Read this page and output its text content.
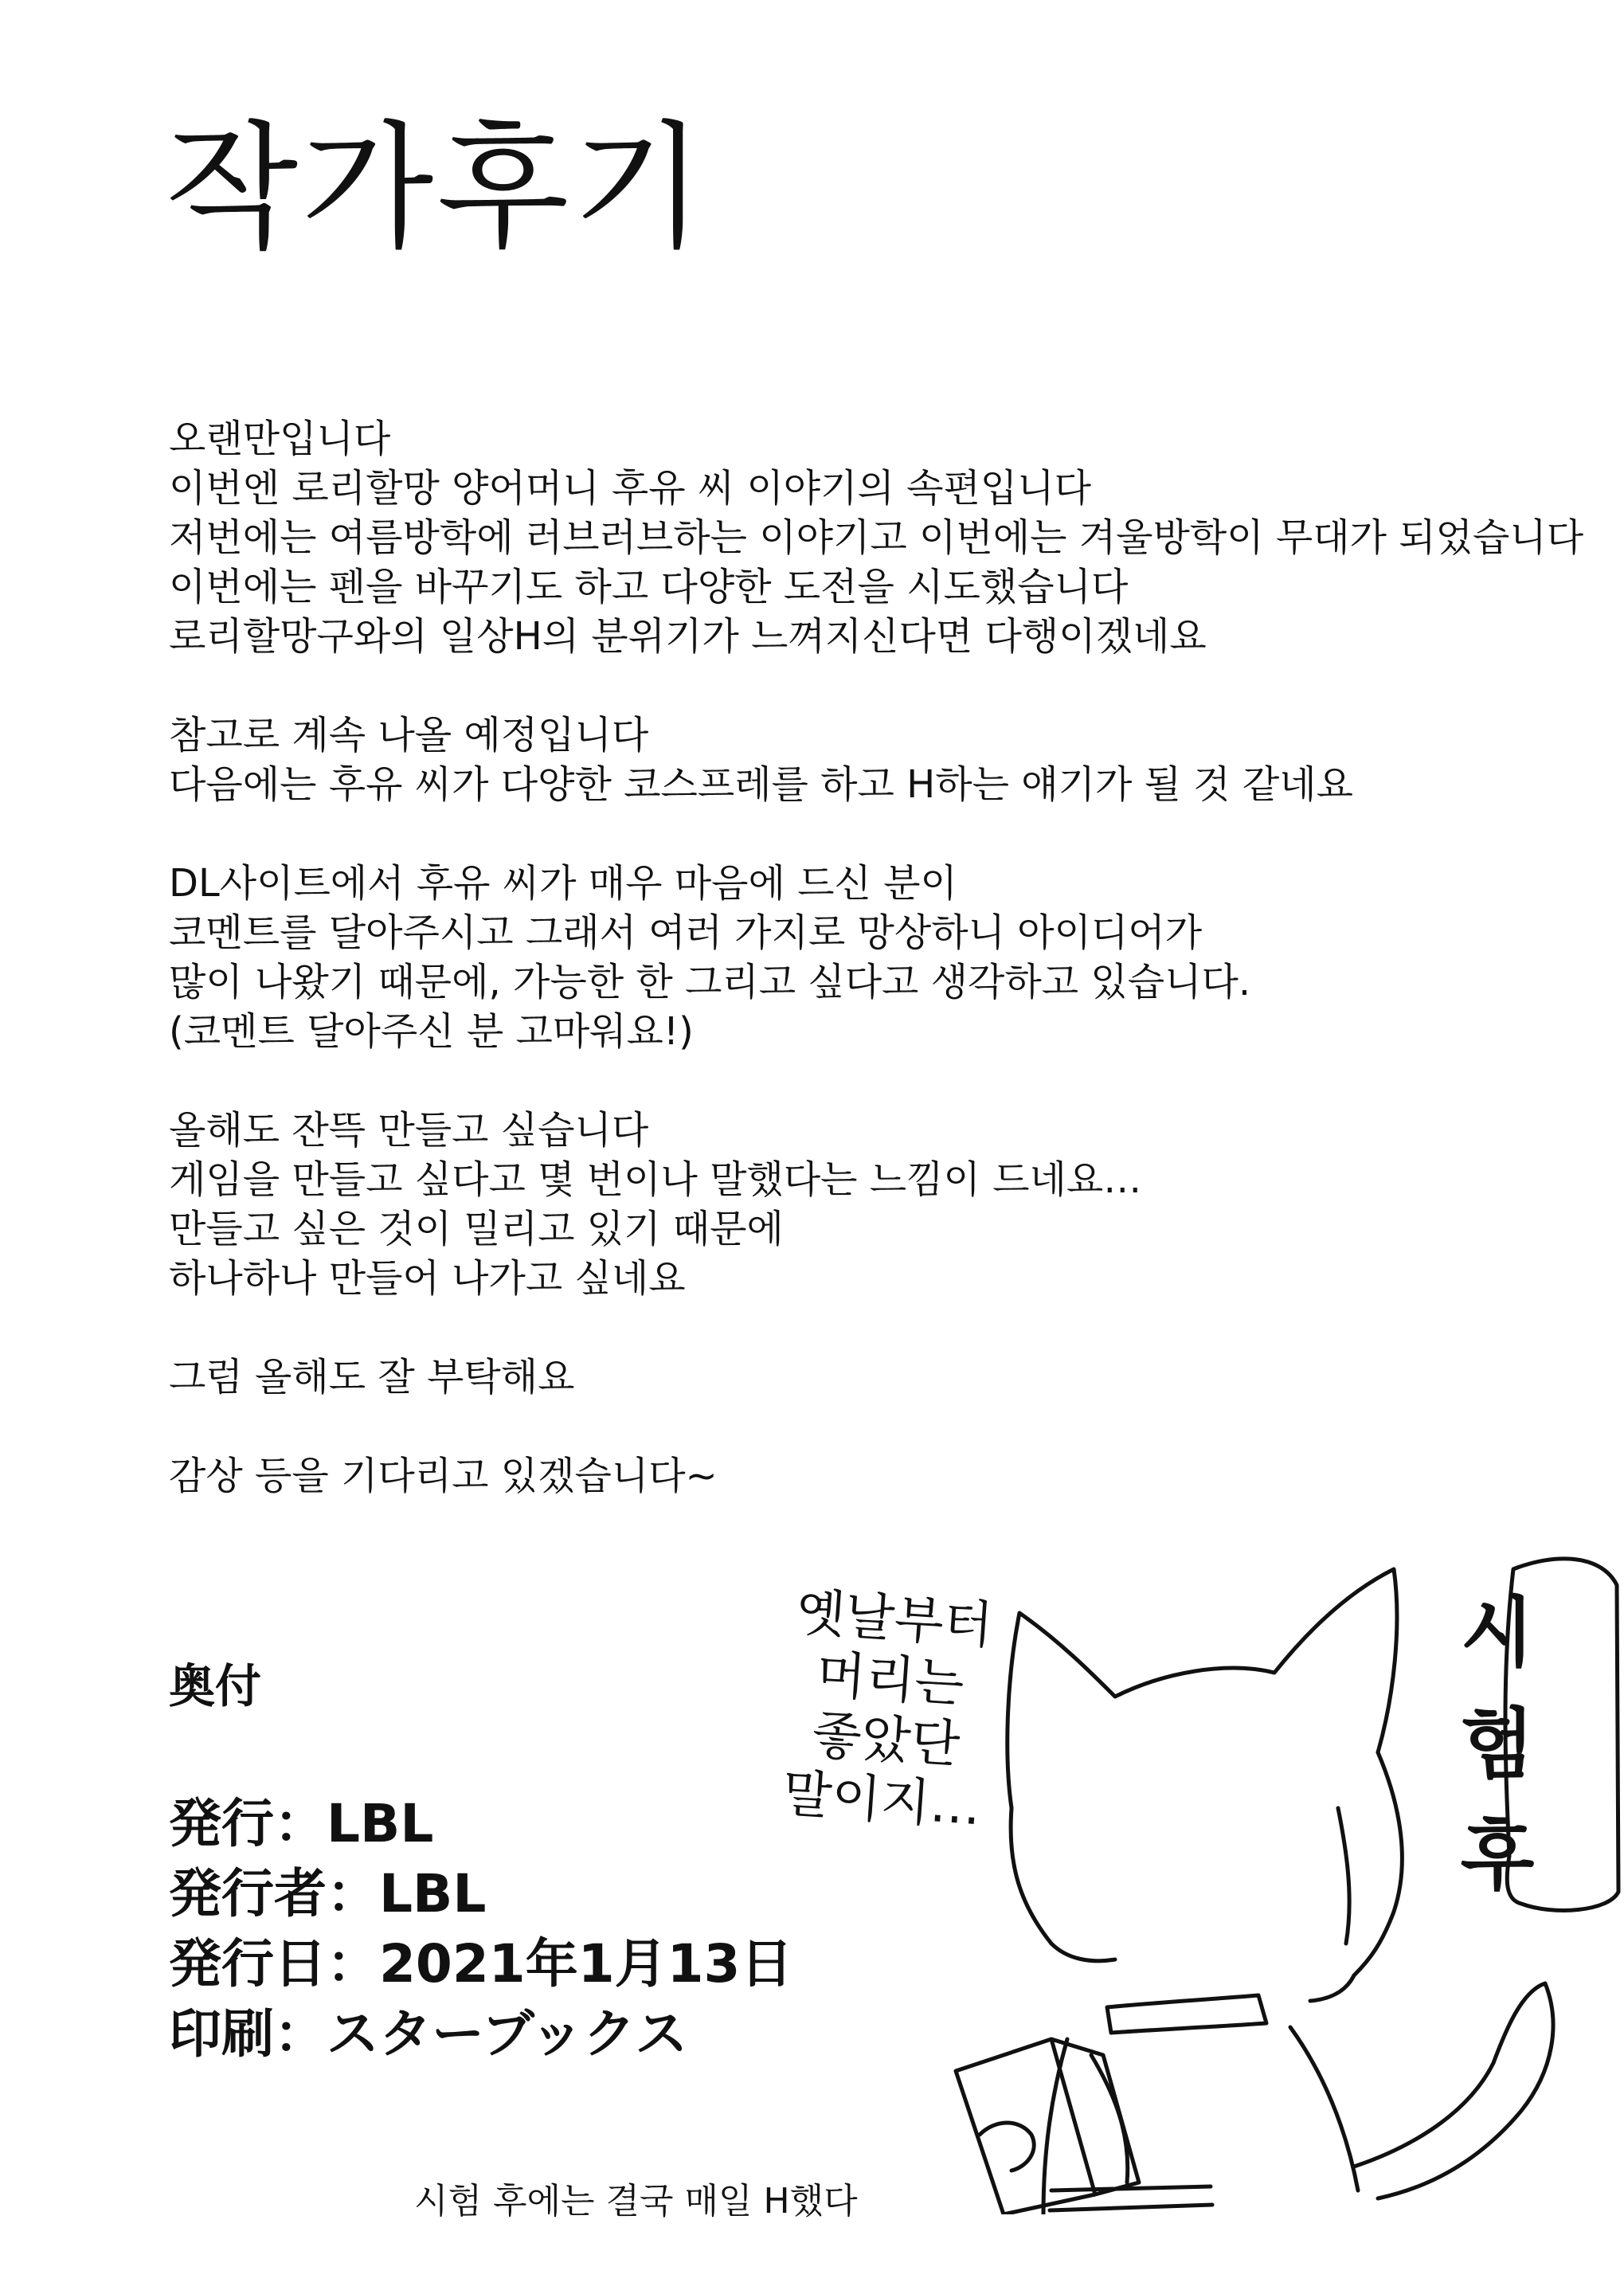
작가후기
오랜만입니다
이번엔 로리할망 양어머니 후유 씨 이야기의 속편입니다
저번에는 여름방학에 러브러브하는 이야기고 이번에는 겨울방학이 무대가 되었습니다
이번에는 펜을 바꾸기도 하고 다양한 도전을 시도했습니다
로리할망구와의 일상H의 분위기가 느껴지신다면 다행이겠네요
참고로 계속 나올 예정입니다
다음에는 후유 씨가 다양한 코스프레를 하고 H하는 얘기가 될 것 같네요
DL사이트에서 후유 씨가 매우 마음에 드신 분이
코멘트를 달아주시고 그래서 여러 가지로 망상하니 아이디어가
많이 나왔기 때문에, 가능한 한 그리고 싶다고 생각하고 있습니다.
(코멘트 달아주신 분 고마워요!)
올해도 잔뜩 만들고 싶습니다
게임을 만들고 싶다고 몇 번이나 말했다는 느낌이 드네요…
만들고 싶은 것이 밀리고 있기 때문에
하나하나 만들어 나가고 싶네요
그럼 올해도 잘 부탁해요
감상 등을 기다리고 있겠습니다~
奥付
発行：LBL
発行者：LBL
発行日：2021年1月13日
印刷：スターブックス
옛날부터
머리는
좋았단
말이지…
시험
후
시험 후에는 결국 매일 H했다
